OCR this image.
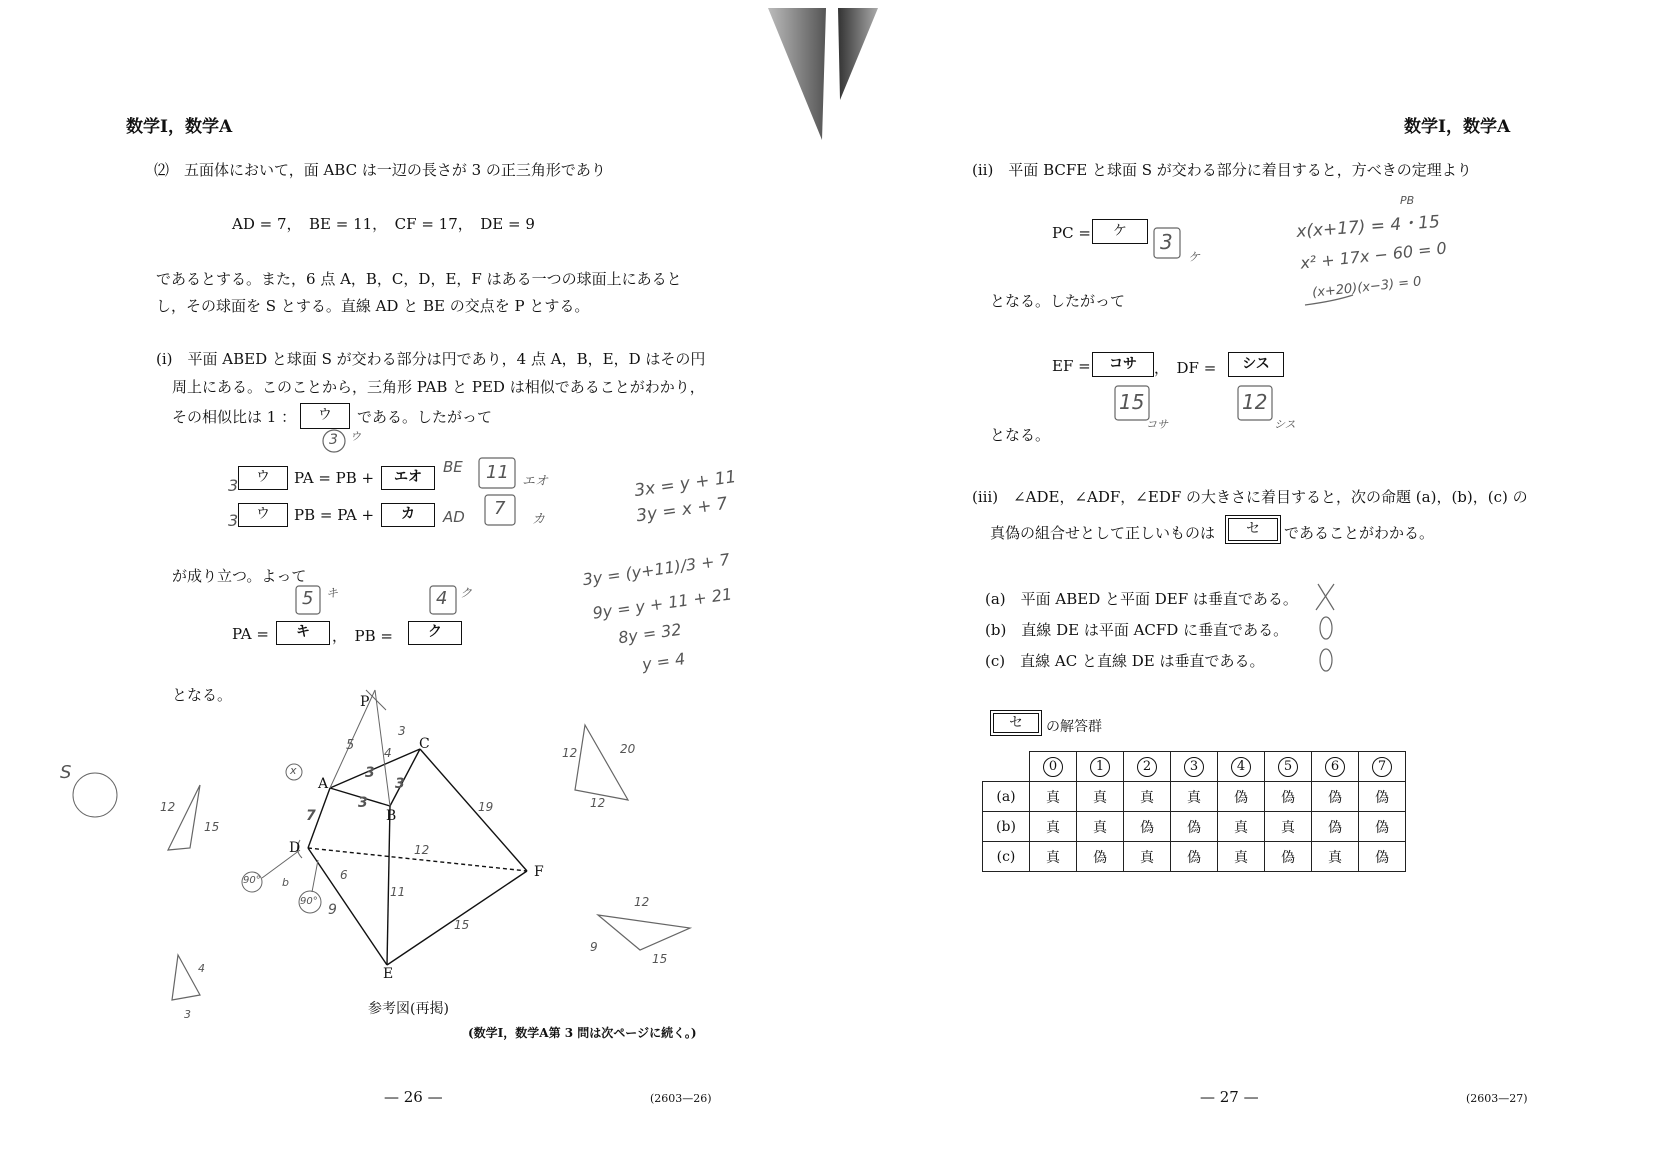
数学Ⅰ，数学A
⑵　五面体において，面 ABC は一辺の長さが 3 の正三角形であり
AD = 7，　BE = 11，　CF = 17，　DE = 9
であるとする。また，6 点 A，B，C，D，E，F はある一つの球面上にあると
し，その球面を S とする。直線 AD と BE の交点を P とする。
(ⅰ)　平面 ABED と球面 S が交わる部分は円であり，4 点 A，B，E，D はその円
周上にある。このことから，三角形 PAB と PED は相似であることがわかり，
その相似比は 1 ：	ウ	である。したがって
ウ	PA = PB +	エオ
ウ	PB = PA +	カ
が成り立つ。よって
PA =	キ	，　PB =	ク
となる。	P
A
B
C
D
E
F
参考図(再掲)
(数学Ⅰ，数学A第 3 問は次ページに続く。)
— 26 —	(2603—26)
数学Ⅰ，数学A
(ⅱ)　平面 BCFE と球面 S が交わる部分に着目すると，方べきの定理より
PC =	ケ
となる。したがって
EF =	コサ	，　DF =	シス
となる。
(ⅲ)　∠ADE，∠ADF，∠EDF の大きさに着目すると，次の命題 (a)，(b)，(c) の
真偽の組合せとして正しいものは	セ	であることがわかる。
(a)　平面 ABED と平面 DEF は垂直である。
(b)　直線 DE は平面 ACFD に垂直である。
(c)　直線 AC と直線 DE は垂直である。
セ	の解答群
	0	1	2	3	4	5	6	7
(a)	真	真	真	真	偽	偽	偽	偽
(b)	真	真	偽	偽	真	真	偽	偽
(c)	真	偽	真	偽	真	偽	真	偽
— 27 —	(2603—27)
3 ウ
3
3
BE 11 エオ
AD 7
カ
5 キ	4 ク
3x = y + 11
3y = x + 7
3y = (y+11)/3 + 7
9y = y + 11 + 21
8y = 32
y = 4
3
ケ
PB
x(x+17) = 4・15
x² + 17x − 60 = 0
(x+20)(x−3) = 0
15
コサ
12
シス
S
90°
90°
5
3
3
3
3
4
7
12
11
15
19
6
9
b
x
12
15
12	20
12
12
15
9
4
3
